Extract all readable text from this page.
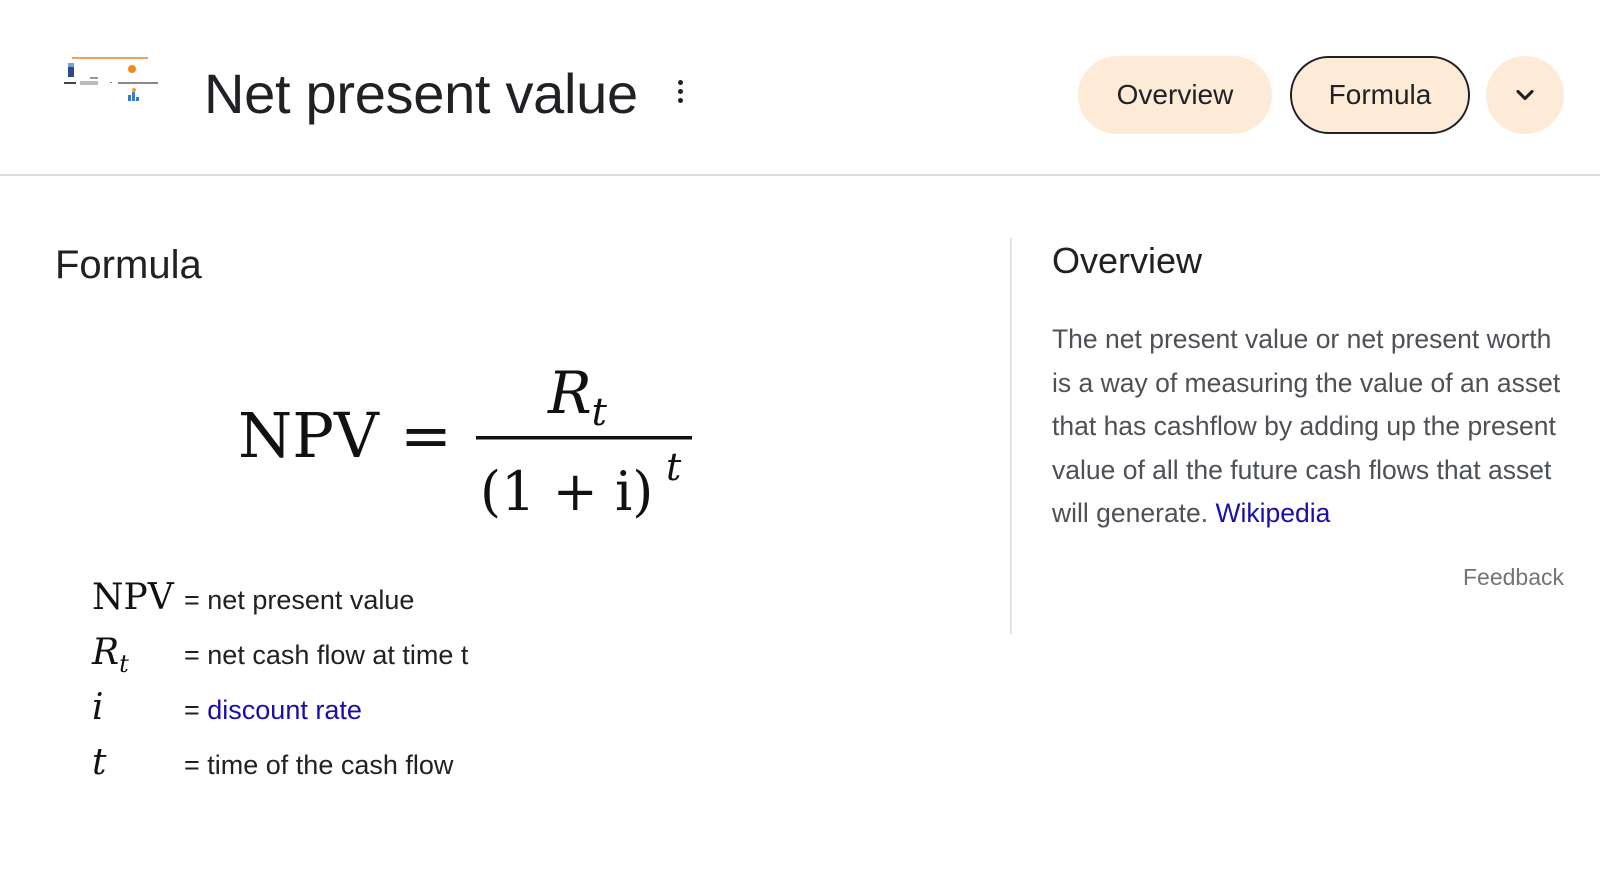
Net present value	Overview	Formula
Formula
NPV =
$R_t$
(1 + i) t
NPV = net present value
$R_t$ = net cash flow at time t
i	= discount rate
t	= time of the cash flow
Overview

The net present value or net present worth is a way of measuring the value of an asset that has cashflow by adding up the present value of all the future cash flows that asset will generate. Wikipedia

Feedback
